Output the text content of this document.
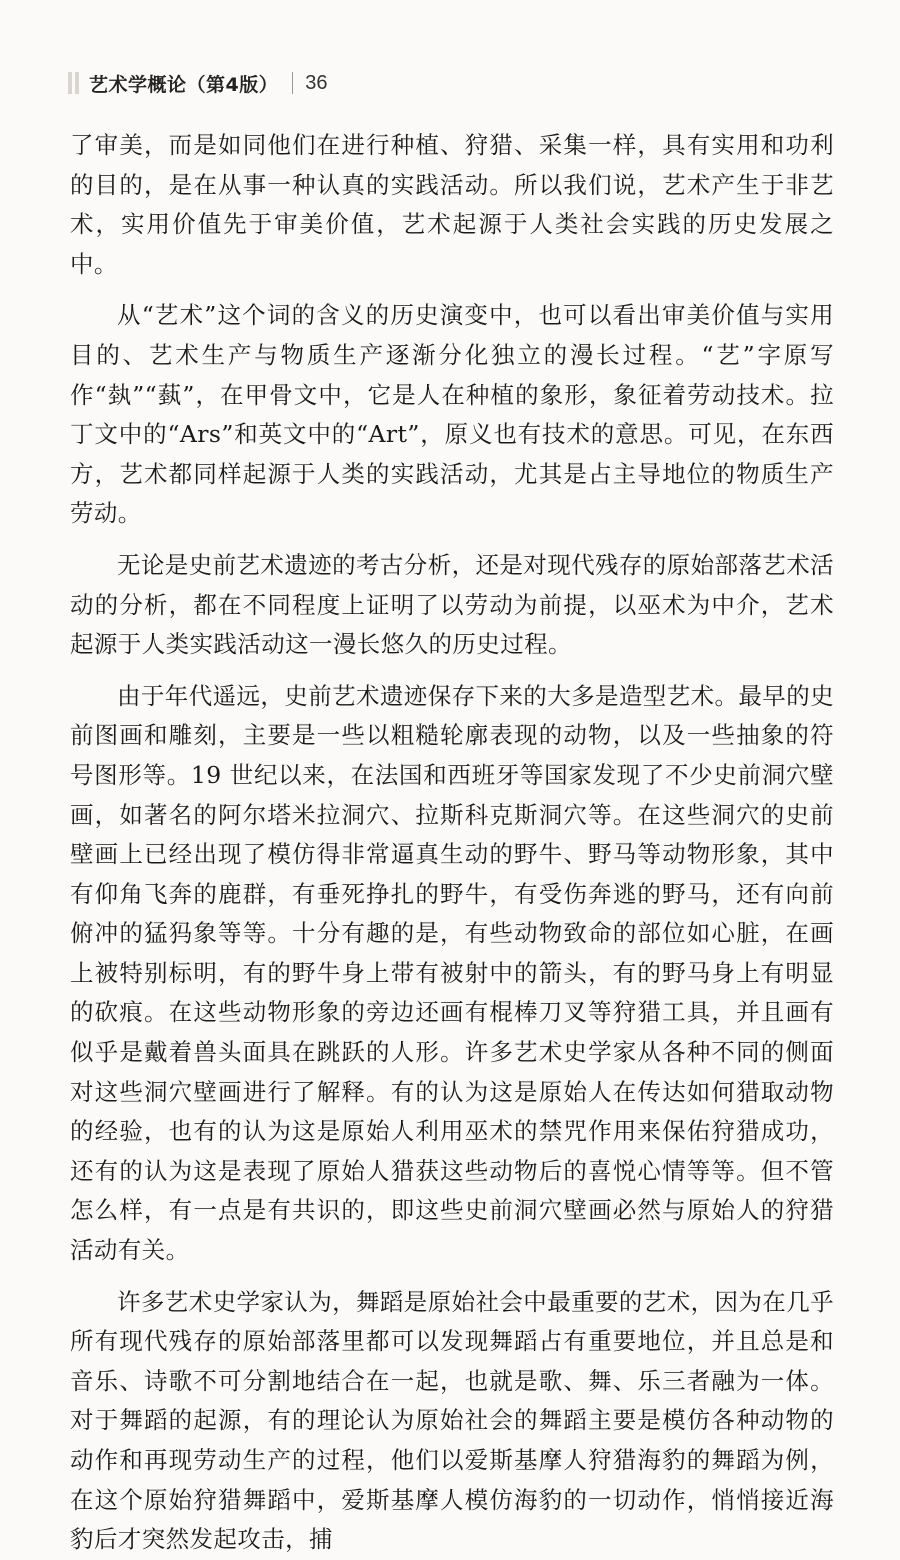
艺术学概论（第4版） 36

了审美，而是如同他们在进行种植、狩猎、采集一样，具有实用和功利的目的，是在从事一种认真的实践活动。所以我们说，艺术产生于非艺术，实用价值先于审美价值，艺术起源于人类社会实践的历史发展之中。

从“艺术”这个词的含义的历史演变中，也可以看出审美价值与实用目的、艺术生产与物质生产逐渐分化独立的漫长过程。“艺”字原写作“埶”“蓺”，在甲骨文中，它是人在种植的象形，象征着劳动技术。拉丁文中的“Ars”和英文中的“Art”，原义也有技术的意思。可见，在东西方，艺术都同样起源于人类的实践活动，尤其是占主导地位的物质生产劳动。

无论是史前艺术遗迹的考古分析，还是对现代残存的原始部落艺术活动的分析，都在不同程度上证明了以劳动为前提，以巫术为中介，艺术起源于人类实践活动这一漫长悠久的历史过程。

由于年代遥远，史前艺术遗迹保存下来的大多是造型艺术。最早的史前图画和雕刻，主要是一些以粗糙轮廓表现的动物，以及一些抽象的符号图形等。19 世纪以来，在法国和西班牙等国家发现了不少史前洞穴壁画，如著名的阿尔塔米拉洞穴、拉斯科克斯洞穴等。在这些洞穴的史前壁画上已经出现了模仿得非常逼真生动的野牛、野马等动物形象，其中有仰角飞奔的鹿群，有垂死挣扎的野牛，有受伤奔逃的野马，还有向前俯冲的猛犸象等等。十分有趣的是，有些动物致命的部位如心脏，在画上被特别标明，有的野牛身上带有被射中的箭头，有的野马身上有明显的砍痕。在这些动物形象的旁边还画有棍棒刀叉等狩猎工具，并且画有似乎是戴着兽头面具在跳跃的人形。许多艺术史学家从各种不同的侧面对这些洞穴壁画进行了解释。有的认为这是原始人在传达如何猎取动物的经验，也有的认为这是原始人利用巫术的禁咒作用来保佑狩猎成功，还有的认为这是表现了原始人猎获这些动物后的喜悦心情等等。但不管怎么样，有一点是有共识的，即这些史前洞穴壁画必然与原始人的狩猎活动有关。

许多艺术史学家认为，舞蹈是原始社会中最重要的艺术，因为在几乎所有现代残存的原始部落里都可以发现舞蹈占有重要地位，并且总是和音乐、诗歌不可分割地结合在一起，也就是歌、舞、乐三者融为一体。对于舞蹈的起源，有的理论认为原始社会的舞蹈主要是模仿各种动物的动作和再现劳动生产的过程，他们以爱斯基摩人狩猎海豹的舞蹈为例，在这个原始狩猎舞蹈中，爱斯基摩人模仿海豹的一切动作，悄悄接近海豹后才突然发起攻击，捕
